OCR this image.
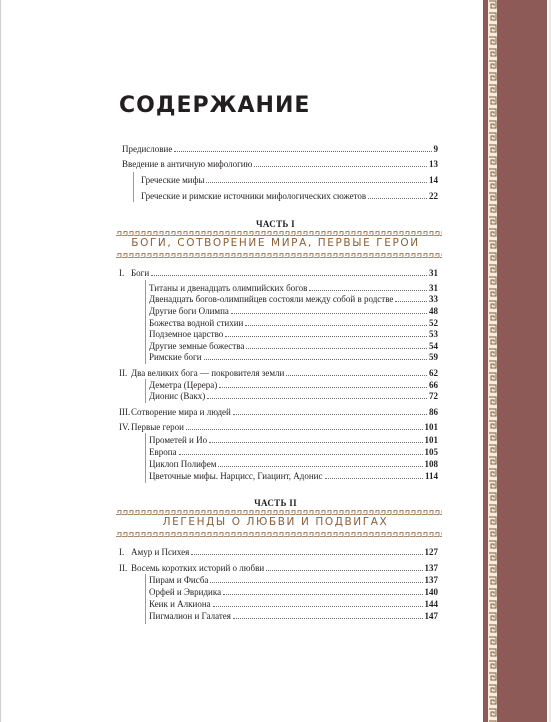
СОДЕРЖАНИЕ
Предисловие	9
Введение в античную мифологию	13
Греческие мифы	14
Греческие и римские источники мифологических сюжетов	22
ЧАСТЬ I
БОГИ, СОТВОРЕНИЕ МИРА, ПЕРВЫЕ ГЕРОИ
I. Боги	31
Титаны и двенадцать олимпийских богов	31
Двенадцать богов-олимпийцев состояли между собой в родстве	33
Другие боги Олимпа	48
Божества водной стихии	52
Подземное царство	53
Другие земные божества	54
Римские боги	59
II. Два великих бога — покровителя земли	62
Деметра (Церера)	66
Дионис (Вакх)	72
III. Сотворение мира и людей	86
IV. Первые герои	101
Прометей и Ио	101
Европа	105
Циклоп Полифем	108
Цветочные мифы. Нарцисс, Гиацинт, Адонис	114
ЧАСТЬ II
ЛЕГЕНДЫ О ЛЮБВИ И ПОДВИГАХ
I. Амур и Психея	127
II. Восемь коротких историй о любви	137
Пирам и Фисба	137
Орфей и Эвридика	140
Кеик и Алкиона	144
Пигмалион и Галатея	147
